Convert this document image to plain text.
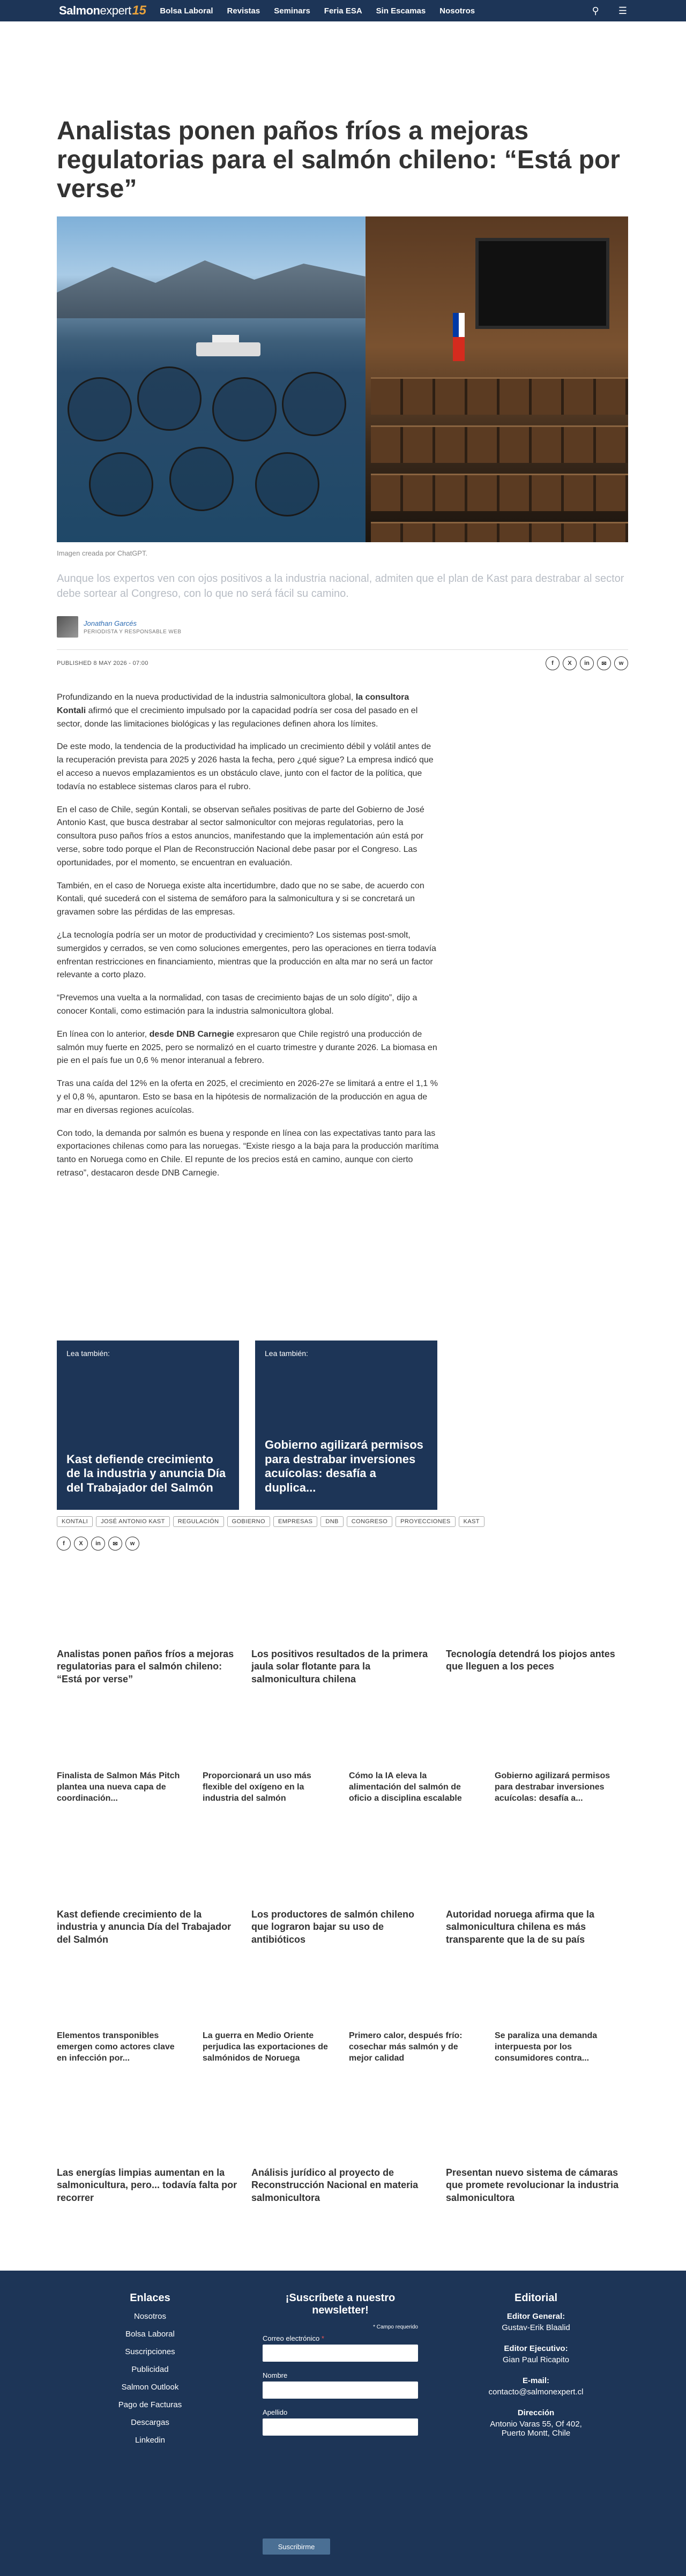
Salmon expert 15 Bolsa Laboral Revistas Seminars Feria ESA Sin Escamas Nosotros	⚲ ☰
Analistas ponen paños fríos a mejoras regulatorias para el salmón chileno: “Está por verse”
Imagen creada por ChatGPT.

Aunque los expertos ven con ojos positivos a la industria nacional, admiten que el plan de Kast para destrabar al sector debe sortear al Congreso, con lo que no será fácil su camino.

Jonathan Garcés
PERIODISTA Y RESPONSABLE WEB
PUBLISHED 8 MAY 2026 - 07:00	f	X	in	✉	w

Profundizando en la nueva productividad de la industria salmonicultora global, la consultora Kontali afirmó que el crecimiento impulsado por la capacidad podría ser cosa del pasado en el sector, donde las limitaciones biológicas y las regulaciones definen ahora los límites.

De este modo, la tendencia de la productividad ha implicado un crecimiento débil y volátil antes de la recuperación prevista para 2025 y 2026 hasta la fecha, pero ¿qué sigue? La empresa indicó que el acceso a nuevos emplazamientos es un obstáculo clave, junto con el factor de la política, que todavía no establece sistemas claros para el rubro.

En el caso de Chile, según Kontali, se observan señales positivas de parte del Gobierno de José Antonio Kast, que busca destrabar al sector salmonicultor con mejoras regulatorias, pero la consultora puso paños fríos a estos anuncios, manifestando que la implementación aún está por verse, sobre todo porque el Plan de Reconstrucción Nacional debe pasar por el Congreso. Las oportunidades, por el momento, se encuentran en evaluación.

También, en el caso de Noruega existe alta incertidumbre, dado que no se sabe, de acuerdo con Kontali, qué sucederá con el sistema de semáforo para la salmonicultura y si se concretará un gravamen sobre las pérdidas de las empresas.

¿La tecnología podría ser un motor de productividad y crecimiento? Los sistemas post-smolt, sumergidos y cerrados, se ven como soluciones emergentes, pero las operaciones en tierra todavía enfrentan restricciones en financiamiento, mientras que la producción en alta mar no será un factor relevante a corto plazo.

“Prevemos una vuelta a la normalidad, con tasas de crecimiento bajas de un solo dígito”, dijo a conocer Kontali, como estimación para la industria salmonicultora global.

En línea con lo anterior, desde DNB Carnegie expresaron que Chile registró una producción de salmón muy fuerte en 2025, pero se normalizó en el cuarto trimestre y durante 2026. La biomasa en pie en el país fue un 0,6 % menor interanual a febrero.

Tras una caída del 12% en la oferta en 2025, el crecimiento en 2026-27e se limitará a entre el 1,1 % y el 0,8 %, apuntaron. Esto se basa en la hipótesis de normalización de la producción en agua de mar en diversas regiones acuícolas.

Con todo, la demanda por salmón es buena y responde en línea con las expectativas tanto para las exportaciones chilenas como para las noruegas. “Existe riesgo a la baja para la producción marítima tanto en Noruega como en Chile. El repunte de los precios está en camino, aunque con cierto retraso”, destacaron desde DNB Carnegie.

Lea también:
Kast defiende crecimiento de la industria y anuncia Día del Trabajador del Salmón
Lea también:
Gobierno agilizará permisos para destrabar inversiones acuícolas: desafía a duplica...
KONTALI	JOSÉ ANTONIO KAST	REGULACIÓN	GOBIERNO	EMPRESAS	DNB	CONGRESO	PROYECCIONES	KAST
f	X	in	✉	w
Analistas ponen paños fríos a mejoras regulatorias para el salmón chileno: “Está por verse”
Los positivos resultados de la primera jaula solar flotante para la salmonicultura chilena
Tecnología detendrá los piojos antes que lleguen a los peces
Finalista de Salmon Más Pitch plantea una nueva capa de coordinación...
Proporcionará un uso más flexible del oxígeno en la industria del salmón
Cómo la IA eleva la alimentación del salmón de oficio a disciplina escalable
Gobierno agilizará permisos para destrabar inversiones acuícolas: desafía a...
Kast defiende crecimiento de la industria y anuncia Día del Trabajador del Salmón
Los productores de salmón chileno que lograron bajar su uso de antibióticos
Autoridad noruega afirma que la salmonicultura chilena es más transparente que la de su país
Elementos transponibles emergen como actores clave en infección por...
La guerra en Medio Oriente perjudica las exportaciones de salmónidos de Noruega
Primero calor, después frío: cosechar más salmón y de mejor calidad
Se paraliza una demanda interpuesta por los consumidores contra...
Las energías limpias aumentan en la salmonicultura, pero... todavía falta por recorrer
Análisis jurídico al proyecto de Reconstrucción Nacional en materia salmonicultora
Presentan nuevo sistema de cámaras que promete revolucionar la industria salmonicultora
Enlaces
Nosotros
Bolsa Laboral
Suscripciones
Publicidad
Salmon Outlook
Pago de Facturas
Descargas
Linkedin
¡Suscríbete a nuestro newsletter!
* Campo requerido
Correo electrónico *
Nombre
Apellido
Editorial
Editor General:
Gustav-Erik Blaalid
Editor Ejecutivo:
Gian Paul Ricapito
E-mail:
contacto@salmonexpert.cl
Dirección
Antonio Varas 55, Of 402,
Puerto Montt, Chile
Suscribirme
